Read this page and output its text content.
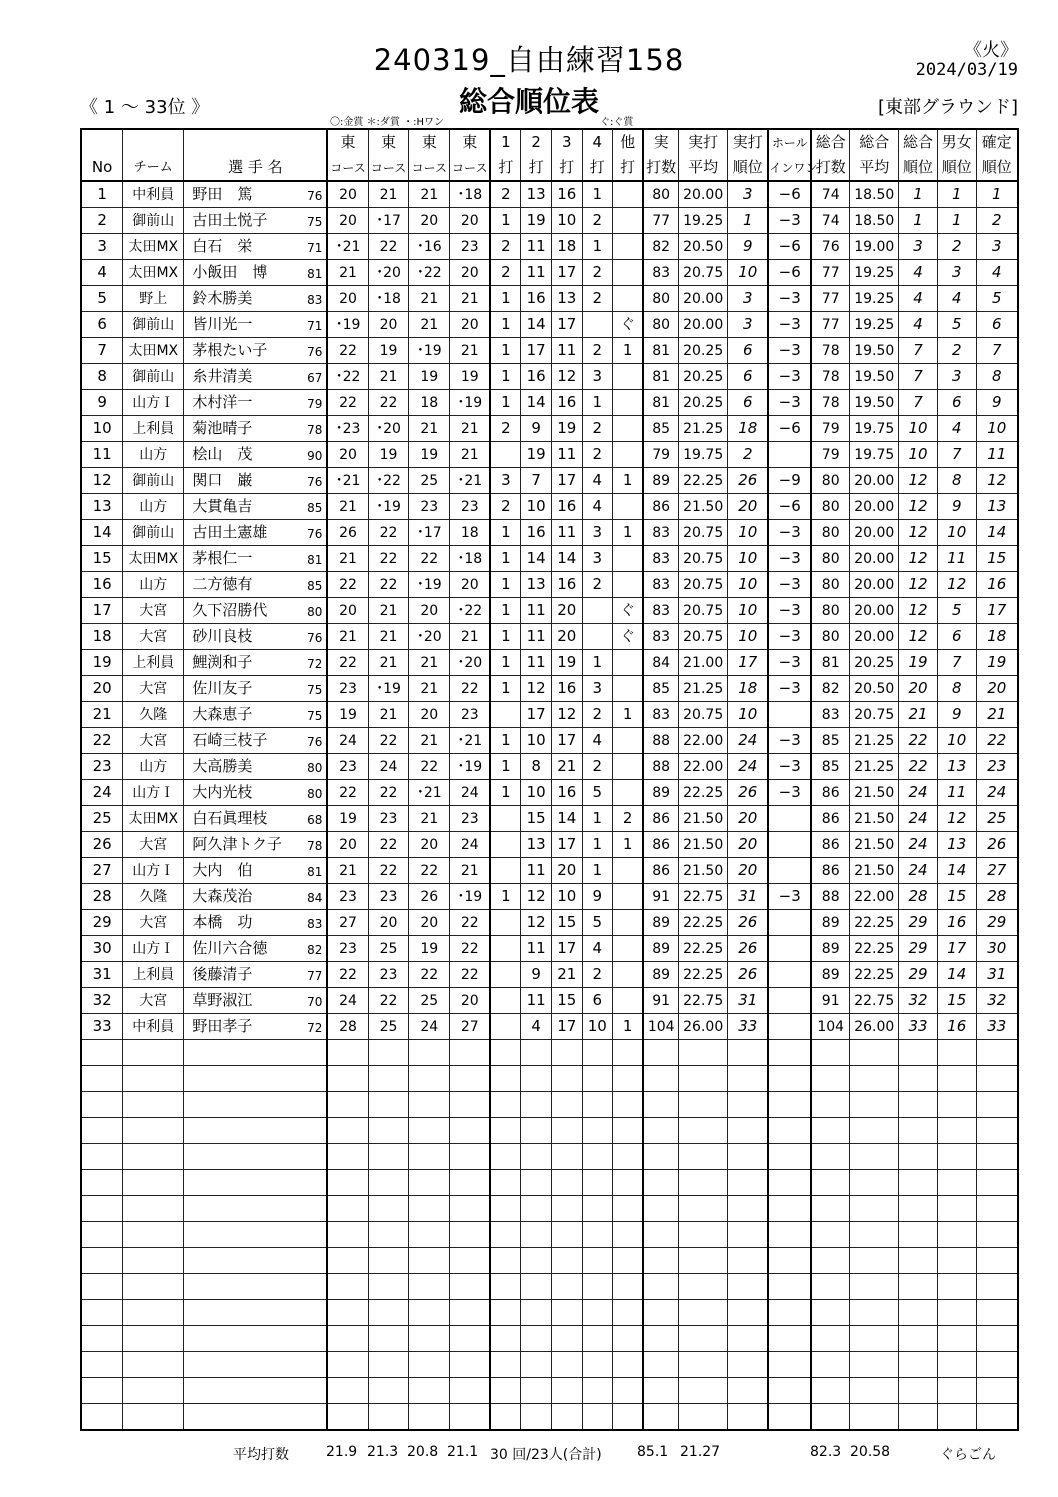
240319_自由練習158	《火》
2024/03/19
総合順位表
《 1 ～ 33位 》	[東部グラウンド]
〇:金賞 ＊:ダ賞 ・:Hワン	ぐ:ぐ賞
			東	東	東	東	1	2	3	4	他	実	実打	実打	ホール	総合	総合	総合	男女	確定
No	チーム	選 手 名	コース	コース	コース	コース	打	打	打	打	打	打数	平均	順位	インワン	打数	平均	順位	順位	順位
1	中利員	野田　篤 76	20	21	21	･18	2	13	16	1		80	20.00	3	−6	74	18.50	1	1	1
2	御前山	古田土悦子 75	20	･17	20	20	1	19	10	2		77	19.25	1	−3	74	18.50	1	1	2
3	太田MX	白石　栄 71	･21	22	･16	23	2	11	18	1		82	20.50	9	−6	76	19.00	3	2	3
4	太田MX	小飯田　博 81	21	･20	･22	20	2	11	17	2		83	20.75	10	−6	77	19.25	4	3	4
5	野上	鈴木勝美 83	20	･18	21	21	1	16	13	2		80	20.00	3	−3	77	19.25	4	4	5
6	御前山	皆川光一 71	･19	20	21	20	1	14	17		ぐ	80	20.00	3	−3	77	19.25	4	5	6
7	太田MX	茅根たい子 76	22	19	･19	21	1	17	11	2	1	81	20.25	6	−3	78	19.50	7	2	7
8	御前山	糸井清美 67	･22	21	19	19	1	16	12	3		81	20.25	6	−3	78	19.50	7	3	8
9	山方Ｉ	木村洋一 79	22	22	18	･19	1	14	16	1		81	20.25	6	−3	78	19.50	7	6	9
10	上利員	菊池晴子 78	･23	･20	21	21	2	9	19	2		85	21.25	18	−6	79	19.75	10	4	10
11	山方	桧山　茂 90	20	19	19	21		19	11	2		79	19.75	2		79	19.75	10	7	11
12	御前山	関口　巌 76	･21	･22	25	･21	3	7	17	4	1	89	22.25	26	−9	80	20.00	12	8	12
13	山方	大貫亀吉 85	21	･19	23	23	2	10	16	4		86	21.50	20	−6	80	20.00	12	9	13
14	御前山	古田土憲雄 76	26	22	･17	18	1	16	11	3	1	83	20.75	10	−3	80	20.00	12	10	14
15	太田MX	茅根仁一 81	21	22	22	･18	1	14	14	3		83	20.75	10	−3	80	20.00	12	11	15
16	山方	二方徳有 85	22	22	･19	20	1	13	16	2		83	20.75	10	−3	80	20.00	12	12	16
17	大宮	久下沼勝代 80	20	21	20	･22	1	11	20		ぐ	83	20.75	10	−3	80	20.00	12	5	17
18	大宮	砂川良枝 76	21	21	･20	21	1	11	20		ぐ	83	20.75	10	−3	80	20.00	12	6	18
19	上利員	鯉渕和子 72	22	21	21	･20	1	11	19	1		84	21.00	17	−3	81	20.25	19	7	19
20	大宮	佐川友子 75	23	･19	21	22	1	12	16	3		85	21.25	18	−3	82	20.50	20	8	20
21	久隆	大森恵子 75	19	21	20	23		17	12	2	1	83	20.75	10		83	20.75	21	9	21
22	大宮	石崎三枝子 76	24	22	21	･21	1	10	17	4		88	22.00	24	−3	85	21.25	22	10	22
23	山方	大高勝美 80	23	24	22	･19	1	8	21	2		88	22.00	24	−3	85	21.25	22	13	23
24	山方Ｉ	大内光枝 80	22	22	･21	24	1	10	16	5		89	22.25	26	−3	86	21.50	24	11	24
25	太田MX	白石眞理枝 68	19	23	21	23		15	14	1	2	86	21.50	20		86	21.50	24	12	25
26	大宮	阿久津トク子 78	20	22	20	24		13	17	1	1	86	21.50	20		86	21.50	24	13	26
27	山方Ｉ	大内　伯 81	21	22	22	21		11	20	1		86	21.50	20		86	21.50	24	14	27
28	久隆	大森茂治 84	23	23	26	･19	1	12	10	9		91	22.75	31	−3	88	22.00	28	15	28
29	大宮	本橋　功 83	27	20	20	22		12	15	5		89	22.25	26		89	22.25	29	16	29
30	山方Ｉ	佐川六合徳 82	23	25	19	22		11	17	4		89	22.25	26		89	22.25	29	17	30
31	上利員	後藤清子 77	22	23	22	22		9	21	2		89	22.25	26		89	22.25	29	14	31
32	大宮	草野淑江 70	24	22	25	20		11	15	6		91	22.75	31		91	22.75	32	15	32
33	中利員	野田孝子 72	28	25	24	27		4	17	10	1	104	26.00	33		104	26.00	33	16	33

平均打数	21.9 21.3 20.8 21.1 30 回/23人(合計)	85.1 21.27	82.3 20.58	ぐらごん
